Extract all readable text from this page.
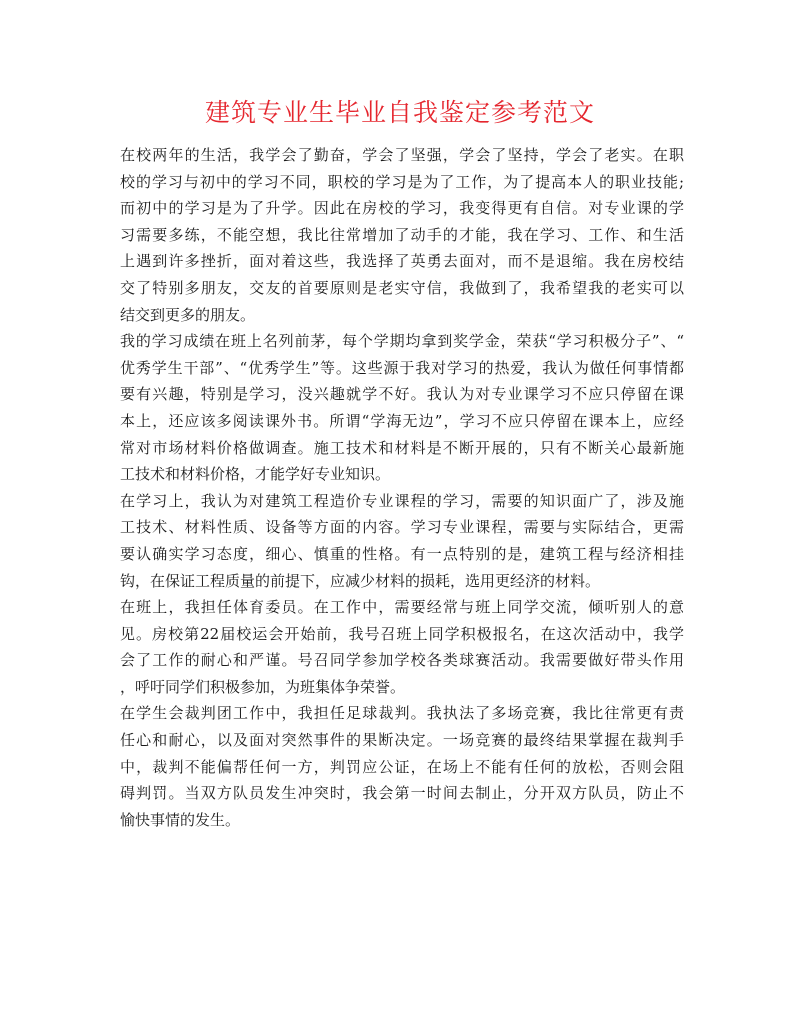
建筑专业生毕业自我鉴定参考范文
在校两年的生活，我学会了勤奋，学会了坚强，学会了坚持，学会了老实。在职
校的学习与初中的学习不同，职校的学习是为了工作，为了提高本人的职业技能;
而初中的学习是为了升学。因此在房校的学习，我变得更有自信。对专业课的学
习需要多练，不能空想，我比往常增加了动手的才能，我在学习、工作、和生活
上遇到许多挫折，面对着这些，我选择了英勇去面对，而不是退缩。我在房校结
交了特别多朋友，交友的首要原则是老实守信，我做到了，我希望我的老实可以
结交到更多的朋友。
我的学习成绩在班上名列前茅，每个学期均拿到奖学金，荣获“学习积极分子”、“
优秀学生干部”、“优秀学生”等。这些源于我对学习的热爱，我认为做任何事情都
要有兴趣，特别是学习，没兴趣就学不好。我认为对专业课学习不应只停留在课
本上，还应该多阅读课外书。所谓“学海无边”，学习不应只停留在课本上，应经
常对市场材料价格做调查。施工技术和材料是不断开展的，只有不断关心最新施
工技术和材料价格，才能学好专业知识。
在学习上，我认为对建筑工程造价专业课程的学习，需要的知识面广了，涉及施
工技术、材料性质、设备等方面的内容。学习专业课程，需要与实际结合，更需
要认确实学习态度，细心、慎重的性格。有一点特别的是，建筑工程与经济相挂
钩，在保证工程质量的前提下，应减少材料的损耗，选用更经济的材料。
在班上，我担任体育委员。在工作中，需要经常与班上同学交流，倾听别人的意
见。房校第22届校运会开始前，我号召班上同学积极报名，在这次活动中，我学
会了工作的耐心和严谨。号召同学参加学校各类球赛活动。我需要做好带头作用
，呼吁同学们积极参加，为班集体争荣誉。
在学生会裁判团工作中，我担任足球裁判。我执法了多场竞赛，我比往常更有责
任心和耐心，以及面对突然事件的果断决定。一场竞赛的最终结果掌握在裁判手
中，裁判不能偏帮任何一方，判罚应公证，在场上不能有任何的放松，否则会阻
碍判罚。当双方队员发生冲突时，我会第一时间去制止，分开双方队员，防止不
愉快事情的发生。
